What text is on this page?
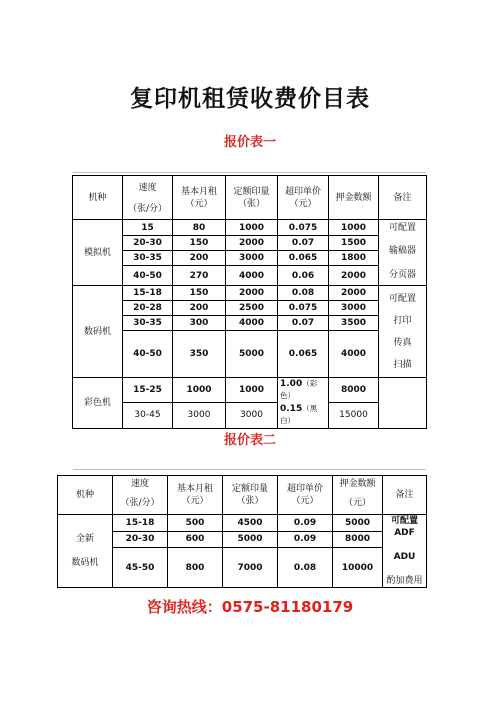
复印机租赁收费价目表
报价表一
机种	速度	基本月租（元）	定额印量（张）	超印单价（元）	押金数额	备注
	（张/分）					
模拟机	15	80	1000	0.075	1000	可配置
	20-30	150	2000	0.07	1500	输稿器
	30-35	200	3000	0.065	1800	
	40-50	270	4000	0.06	2000	分页器
数码机	15-18	150	2000	0.08	2000	可配置
打印
传真
扫描

	20-28	200	2500	0.075	3000	
	30-35	300	4000	0.07	3500	
	40-50	350	5000	0.065	4000	
彩色机	15-25	1000	1000	1.00（彩色）	8000	
	30-45	3000	3000	0.15（黑白）	15000	
报价表二
机种	速度	基本月租（元）	定额印量（张）	超印单价（元）	押金数额	备注
	（张/分）				（元）	

全新
数码机	15-18	500	4500	0.09	5000	可配置 ADF
ADU
酌加费用

	20-30	600	5000	0.09	8000	
	45-50	800	7000	0.08	10000	
咨询热线：0575-81180179
